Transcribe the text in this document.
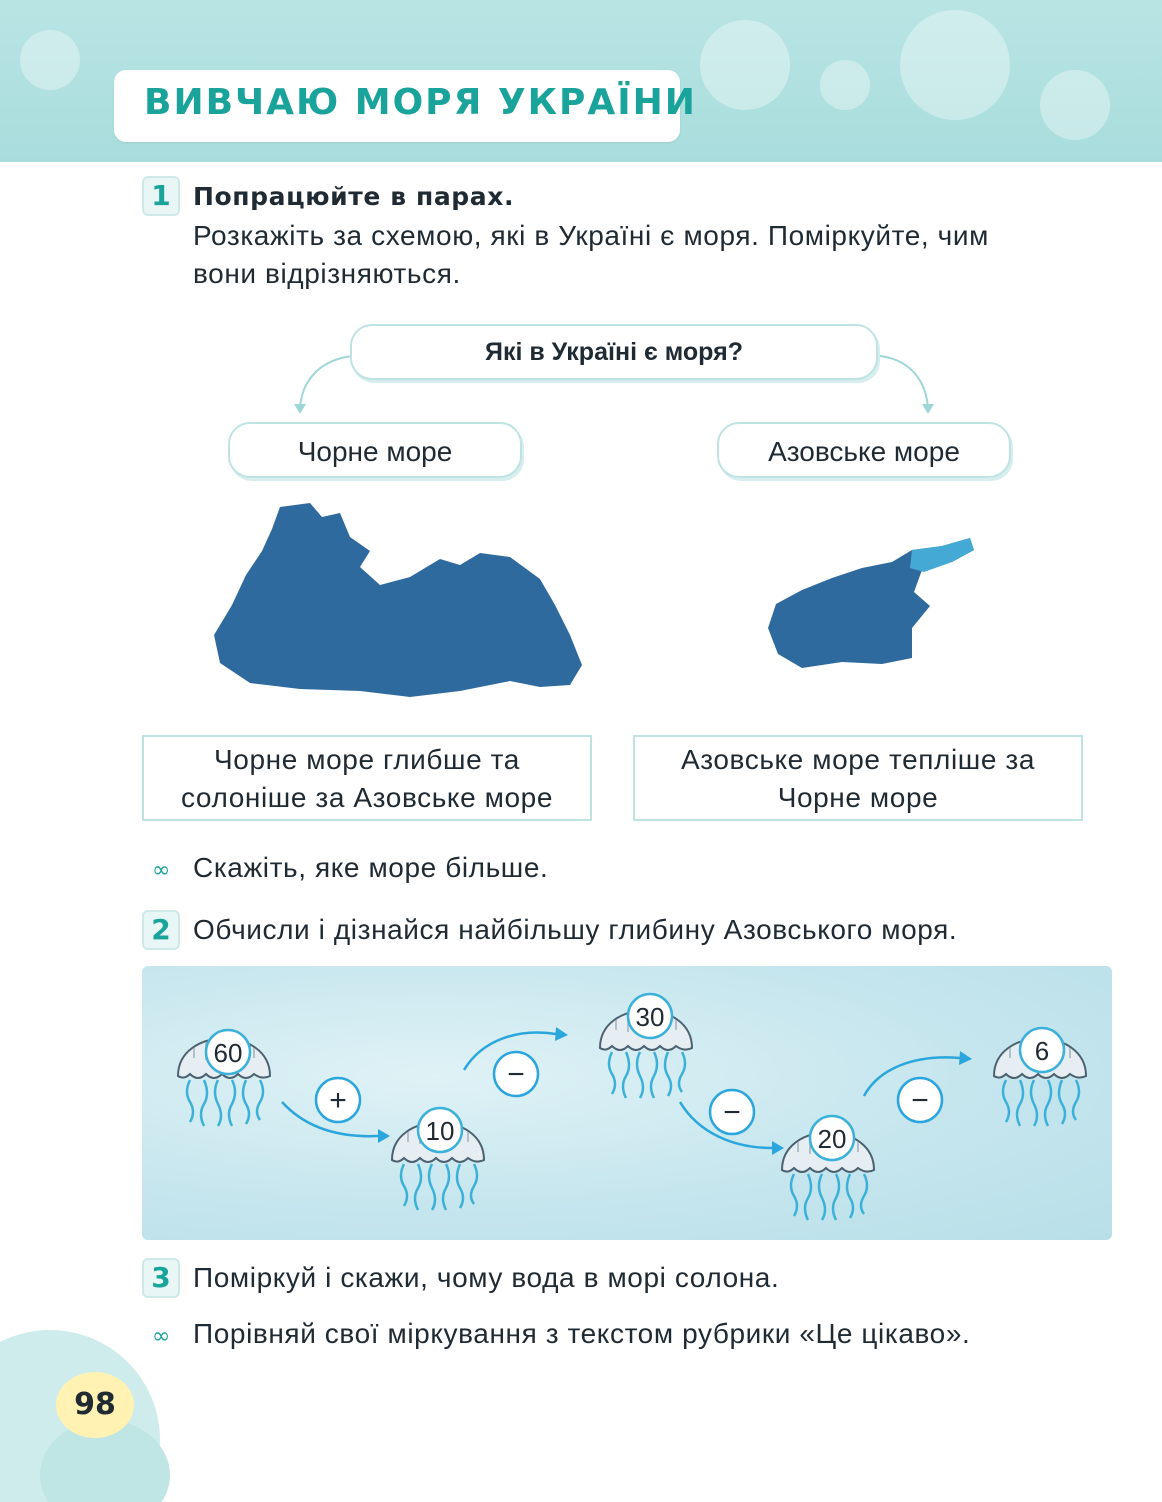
ВИВЧАЮ МОРЯ УКРАЇНИ
1 Попрацюйте в парах.
Розкажіть за схемою, які в Україні є моря. Поміркуйте, чим
вони відрізняються.
Які в Україні є моря?
Чорне море	Азовське море
Чорне море глибше та
солоніше за Азовське море
Азовське море тепліше за
Чорне море
∞ Скажіть, яке море більше.
2 Обчисли і дізнайся найбільшу глибину Азовського моря.
60
10
30
20
6
+
−
−	−
3 Поміркуй і скажи, чому вода в морі солона.
∞ Порівняй свої міркування з текстом рубрики «Це цікаво».
98
